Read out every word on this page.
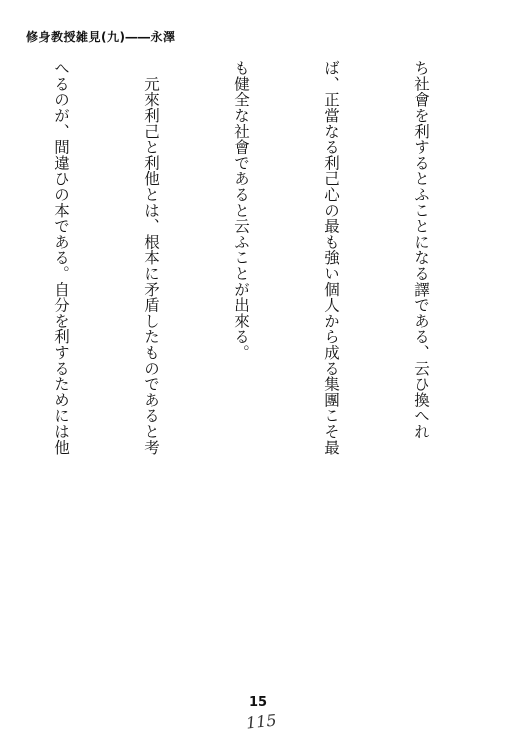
修身教授雑見(九)――永澤

ち社會を利するとふことになる譯である、云ひ換へれ

ば、正當なる利己心の最も強い個人から成る集團こそ最

も健全な社會であると云ふことが出來る。

　元來利己と利他とは、根本に矛盾したものであると考

へるのが、間違ひの本である。自分を利するためには他

15
115
